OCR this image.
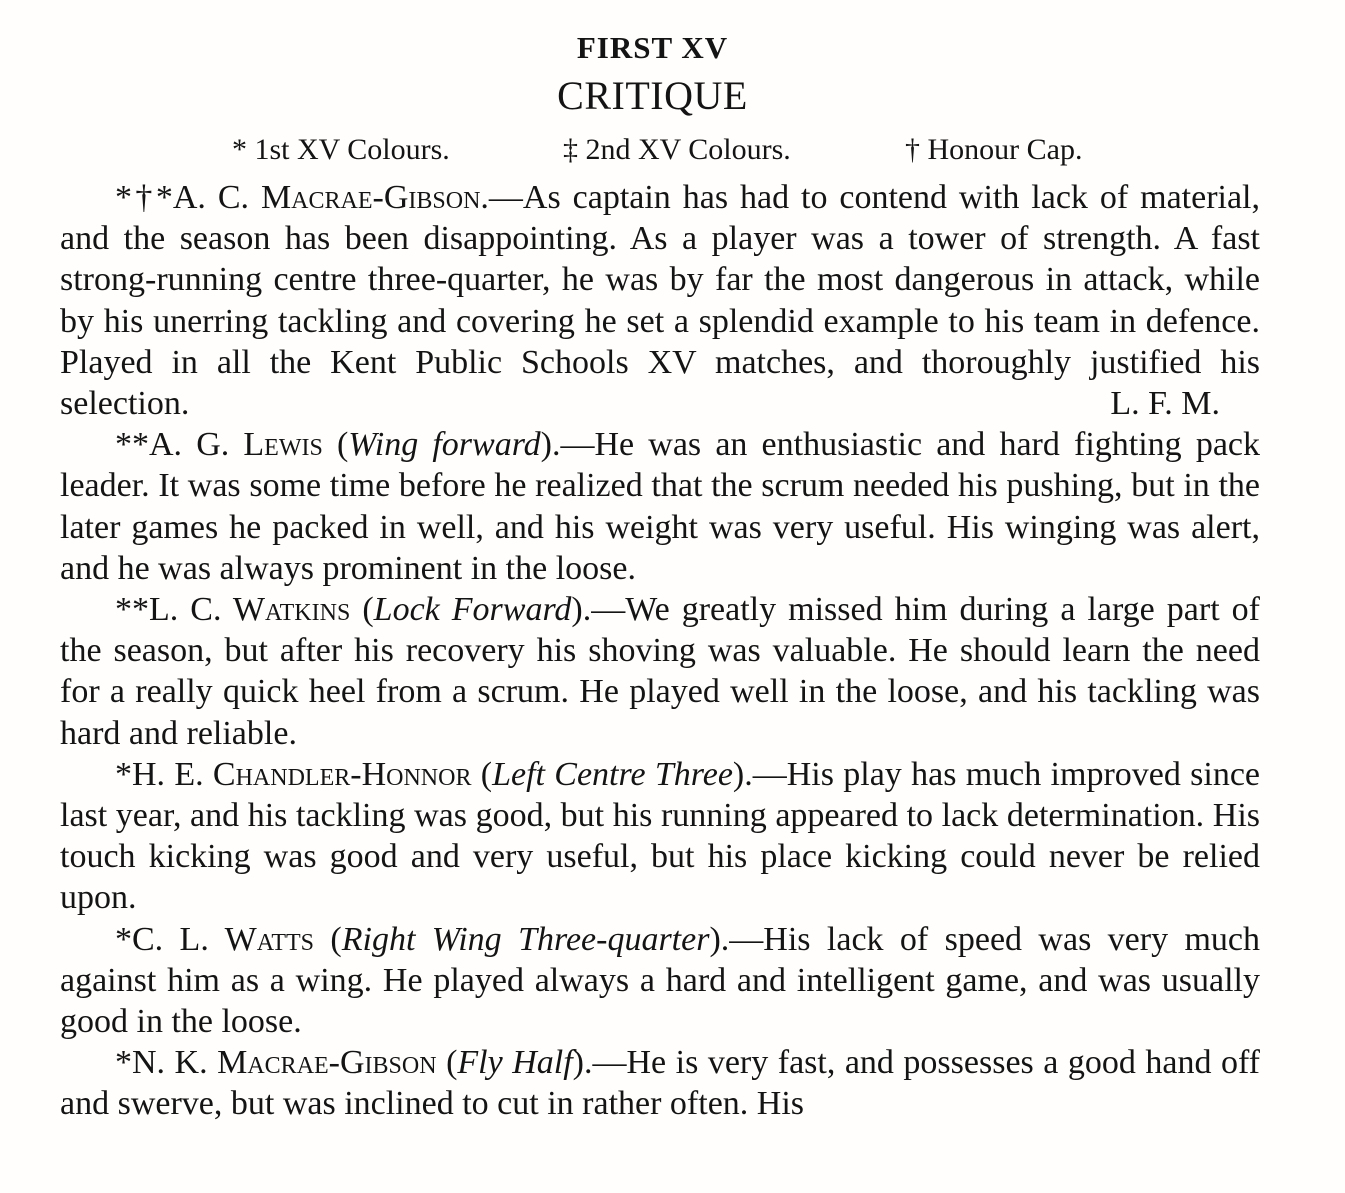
FIRST XV
CRITIQUE
* 1st XV Colours.	‡ 2nd XV Colours.	† Honour Cap.

*†*A. C. Macrae-Gibson.—As captain has had to contend with lack of material, and the season has been disappointing. As a player was a tower of strength. A fast strong-running centre three-quarter, he was by far the most dangerous in attack, while by his unerring tackling and covering he set a splendid example to his team in defence. Played in all the Kent Public Schools XV matches, and thoroughly justified his selection.	L. F. M.

**A. G. Lewis (Wing forward).—He was an enthusiastic and hard fighting pack leader. It was some time before he realized that the scrum needed his pushing, but in the later games he packed in well, and his weight was very useful. His winging was alert, and he was always prominent in the loose.

**L. C. Watkins (Lock Forward).—We greatly missed him during a large part of the season, but after his recovery his shoving was valuable. He should learn the need for a really quick heel from a scrum. He played well in the loose, and his tackling was hard and reliable.

*H. E. Chandler-Honnor (Left Centre Three).—His play has much improved since last year, and his tackling was good, but his running appeared to lack determination. His touch kicking was good and very useful, but his place kicking could never be relied upon.

*C. L. Watts (Right Wing Three-quarter).—His lack of speed was very much against him as a wing. He played always a hard and intelligent game, and was usually good in the loose.

*N. K. Macrae-Gibson (Fly Half).—He is very fast, and possesses a good hand off and swerve, but was inclined to cut in rather often. His
